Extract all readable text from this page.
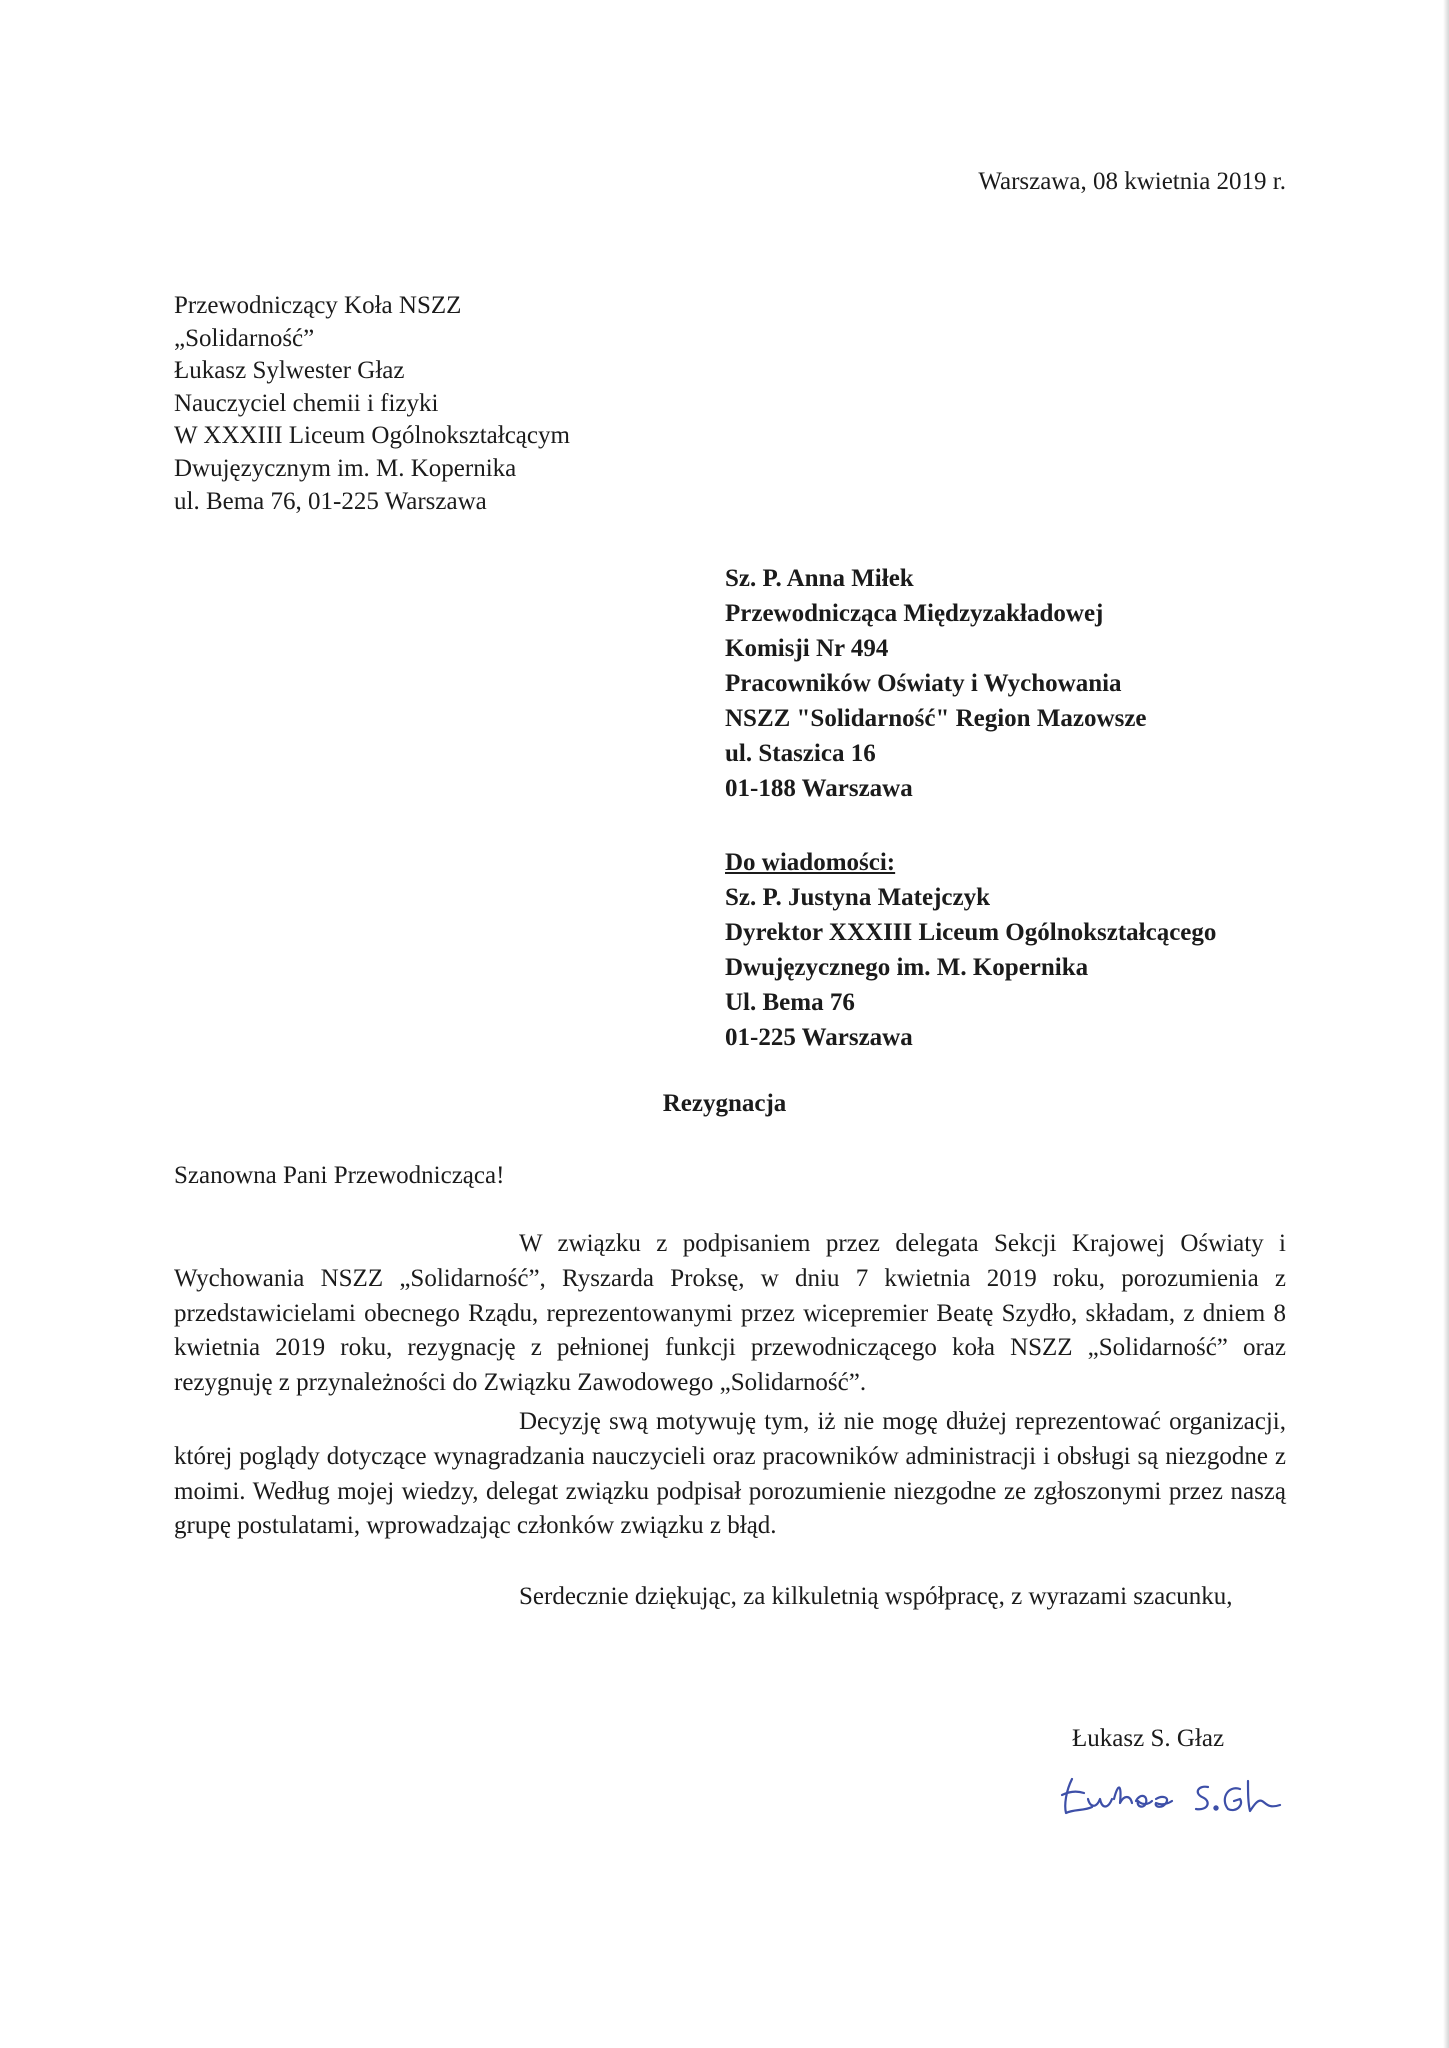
Warszawa, 08 kwietnia 2019 r.
Przewodniczący Koła NSZZ
„Solidarność”
Łukasz Sylwester Głaz
Nauczyciel chemii i fizyki
W XXXIII Liceum Ogólnokształcącym
Dwujęzycznym im. M. Kopernika
ul. Bema 76, 01-225 Warszawa
Sz. P. Anna Miłek
Przewodnicząca Międzyzakładowej
Komisji Nr 494
Pracowników Oświaty i Wychowania
NSZZ "Solidarność" Region Mazowsze
ul. Staszica 16
01-188 Warszawa
Do wiadomości:
Sz. P. Justyna Matejczyk
Dyrektor XXXIII Liceum Ogólnokształcącego
Dwujęzycznego im. M. Kopernika
Ul. Bema 76
01-225 Warszawa
Rezygnacja
Szanowna Pani Przewodnicząca!

W związku z podpisaniem przez delegata Sekcji Krajowej Oświaty i Wychowania NSZZ „Solidarność”, Ryszarda Proksę, w dniu 7 kwietnia 2019 roku, porozumienia z przedstawicielami obecnego Rządu, reprezentowanymi przez wicepremier Beatę Szydło, składam, z dniem 8 kwietnia 2019 roku, rezygnację z pełnionej funkcji przewodniczącego koła NSZZ „Solidarność” oraz rezygnuję z przynależności do Związku Zawodowego „Solidarność”.

Decyzję swą motywuję tym, iż nie mogę dłużej reprezentować organizacji, której poglądy dotyczące wynagradzania nauczycieli oraz pracowników administracji i obsługi są niezgodne z moimi. Według mojej wiedzy, delegat związku podpisał porozumienie niezgodne ze zgłoszonymi przez naszą grupę postulatami, wprowadzając członków związku z błąd.

Serdecznie dziękując, za kilkuletnią współpracę, z wyrazami szacunku,

Łukasz S. Głaz
